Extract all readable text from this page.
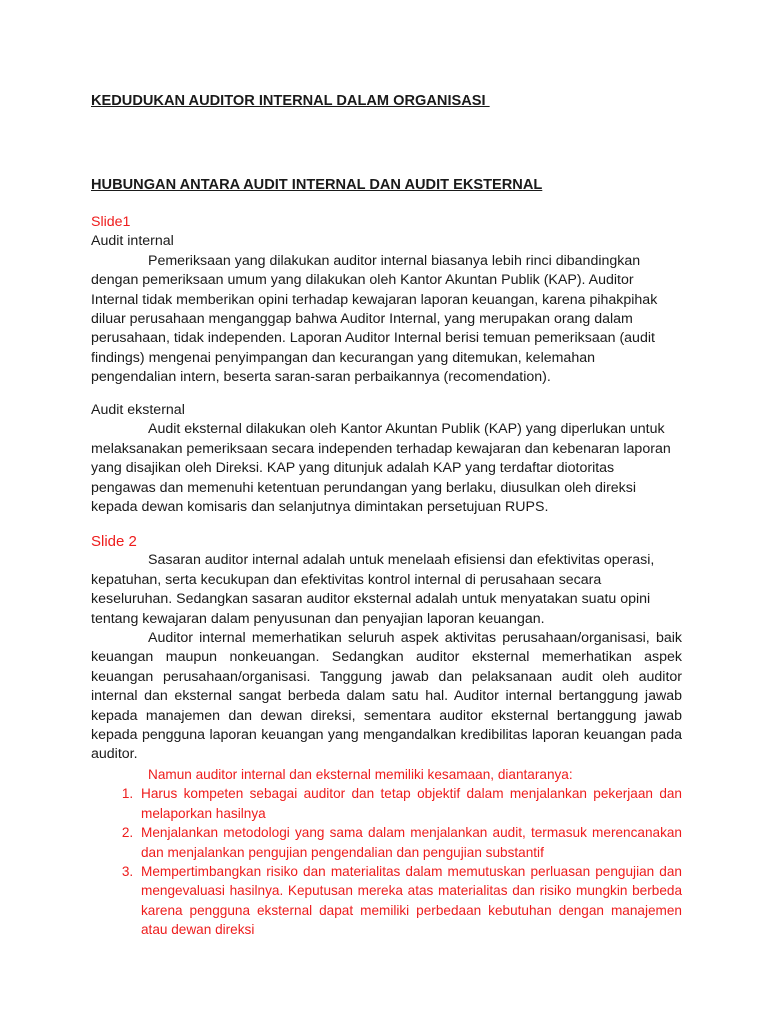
KEDUDUKAN AUDITOR INTERNAL DALAM ORGANISASI
HUBUNGAN ANTARA AUDIT INTERNAL DAN AUDIT EKSTERNAL

Slide1

Audit internal

Pemeriksaan yang dilakukan auditor internal biasanya lebih rinci dibandingkan dengan pemeriksaan umum yang dilakukan oleh Kantor Akuntan Publik (KAP). Auditor Internal tidak memberikan opini terhadap kewajaran laporan keuangan, karena pihakpihak diluar perusahaan menganggap bahwa Auditor Internal, yang merupakan orang dalam perusahaan, tidak independen. Laporan Auditor Internal berisi temuan pemeriksaan (audit findings) mengenai penyimpangan dan kecurangan yang ditemukan, kelemahan pengendalian intern, beserta saran-saran perbaikannya (recomendation).

Audit eksternal

Audit eksternal dilakukan oleh Kantor Akuntan Publik (KAP) yang diperlukan untuk melaksanakan pemeriksaan secara independen terhadap kewajaran dan kebenaran laporan yang disajikan oleh Direksi. KAP yang ditunjuk adalah KAP yang terdaftar diotoritas pengawas dan memenuhi ketentuan perundangan yang berlaku, diusulkan oleh direksi kepada dewan komisaris dan selanjutnya dimintakan persetujuan RUPS.

Slide 2

Sasaran auditor internal adalah untuk menelaah efisiensi dan efektivitas operasi, kepatuhan, serta kecukupan dan efektivitas kontrol internal di perusahaan secara keseluruhan. Sedangkan sasaran auditor eksternal adalah untuk menyatakan suatu opini tentang kewajaran dalam penyusunan dan penyajian laporan keuangan.

Auditor internal memerhatikan seluruh aspek aktivitas perusahaan/organisasi, baik keuangan maupun nonkeuangan. Sedangkan auditor eksternal memerhatikan aspek keuangan perusahaan/organisasi. Tanggung jawab dan pelaksanaan audit oleh auditor internal dan eksternal sangat berbeda dalam satu hal. Auditor internal bertanggung jawab kepada manajemen dan dewan direksi, sementara auditor eksternal bertanggung jawab kepada pengguna laporan keuangan yang mengandalkan kredibilitas laporan keuangan pada auditor.

Namun auditor internal dan eksternal memiliki kesamaan, diantaranya:

1. Harus kompeten sebagai auditor dan tetap objektif dalam menjalankan pekerjaan dan melaporkan hasilnya
2. Menjalankan metodologi yang sama dalam menjalankan audit, termasuk merencanakan dan menjalankan pengujian pengendalian dan pengujian substantif
3. Mempertimbangkan risiko dan materialitas dalam memutuskan perluasan pengujian dan mengevaluasi hasilnya. Keputusan mereka atas materialitas dan risiko mungkin berbeda karena pengguna eksternal dapat memiliki perbedaan kebutuhan dengan manajemen atau dewan direksi
